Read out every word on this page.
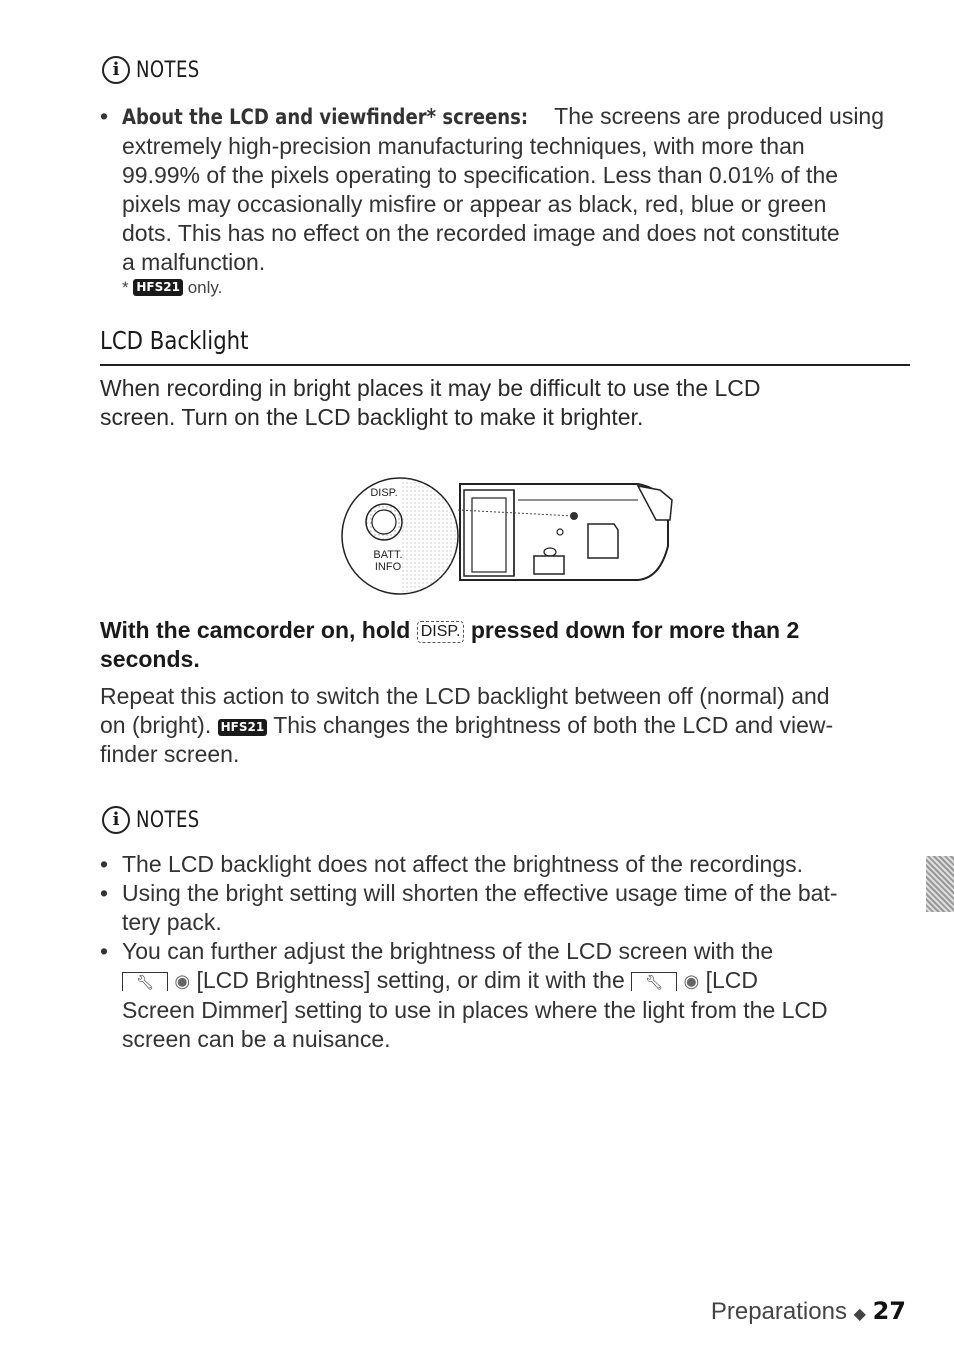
i NOTES
• About the LCD and viewfinder* screens: The screens are produced using
extremely high-precision manufacturing techniques, with more than
99.99% of the pixels operating to specification. Less than 0.01% of the
pixels may occasionally misfire or appear as black, red, blue or green
dots. This has no effect on the recorded image and does not constitute
a malfunction.
* HFS21 only.
LCD Backlight
When recording in bright places it may be difficult to use the LCD
screen. Turn on the LCD backlight to make it brighter.
DISP.
BATT.
INFO
With the camcorder on, hold DISP. pressed down for more than 2
seconds.
Repeat this action to switch the LCD backlight between off (normal) and
on (bright). HFS21 This changes the brightness of both the LCD and view-
finder screen.
i NOTES
• The LCD backlight does not affect the brightness of the recordings.
• Using the bright setting will shorten the effective usage time of the bat-
tery pack.
• You can further adjust the brightness of the LCD screen with the
🔧︎ ◉ [LCD Brightness] setting, or dim it with the 🔧︎ ◉ [LCD
Screen Dimmer] setting to use in places where the light from the LCD
screen can be a nuisance.
Preparations ◆ 27
